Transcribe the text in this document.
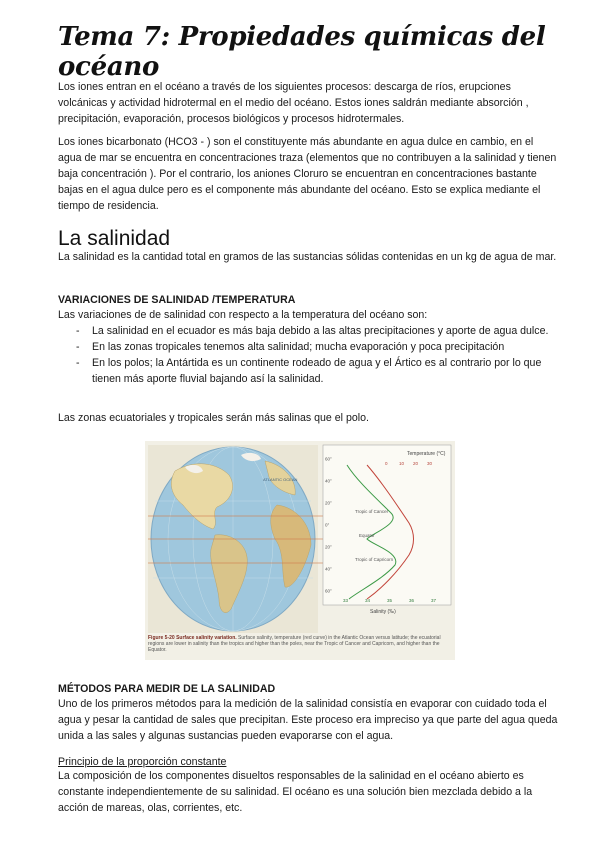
Tema 7: Propiedades químicas del océano

Los iones entran en el océano a través de los siguientes procesos: descarga de ríos, erupciones volcánicas y actividad hidrotermal en el medio del océano. Estos iones saldrán mediante absorción , precipitación, evaporación, procesos biológicos y procesos hidrotermales.

Los iones bicarbonato (HCO3 - ) son el constituyente más abundante en agua dulce en cambio, en el agua de mar se encuentra en concentraciones traza (elementos que no contribuyen a la salinidad y tienen baja concentración ). Por el contrario, los aniones Cloruro se encuentran en concentraciones bastante bajas en el agua dulce pero es el componente más abundante del océano. Esto se explica mediante el tiempo de residencia.

La salinidad

La salinidad es la cantidad total en gramos de las sustancias sólidas contenidas en un kg de agua de mar.

VARIACIONES DE SALINIDAD /TEMPERATURA

Las variaciones de de salinidad con respecto a la temperatura del océano son:

- La salinidad en el ecuador es más baja debido a las altas precipitaciones y aporte de agua dulce.
- En las zonas tropicales tenemos alta salinidad; mucha evaporación y poca precipitación
- En los polos; la Antártida es un continente rodeado de agua y el Ártico es al contrario por lo que tienen más aporte fluvial bajando así la salinidad.

Las zonas ecuatoriales y tropicales serán más salinas que el polo.

60°
40°
20°
0°
20°
40°
60°
0	10 20 30
33	34	35	36	37
Temperature (°C)
Salinity (‰)
Tropic of Cancer
Equator
Tropic of Capricorn
ATLANTIC OCEAN
Figure 5-20 Surface salinity variation. Surface salinity, temperature (red curve) in the Atlantic Ocean versus latitude; the ecuatorial regions are lower in salinity than the tropics and higher than the poles, near the Tropic of Cancer and Capricorn, and higher than the Equator.
MÉTODOS PARA MEDIR DE LA SALINIDAD

Uno de los primeros métodos para la medición de la salinidad consistía en evaporar con cuidado toda el agua y pesar la cantidad de sales que precipitan. Este proceso era impreciso ya que parte del agua queda unida a las sales y algunas sustancias pueden evaporarse con el agua.

Principio de la proporción constante

La composición de los componentes disueltos responsables de la salinidad en el océano abierto es constante independientemente de su salinidad. El océano es una solución bien mezclada debido a la acción de mareas, olas, corrientes, etc.
